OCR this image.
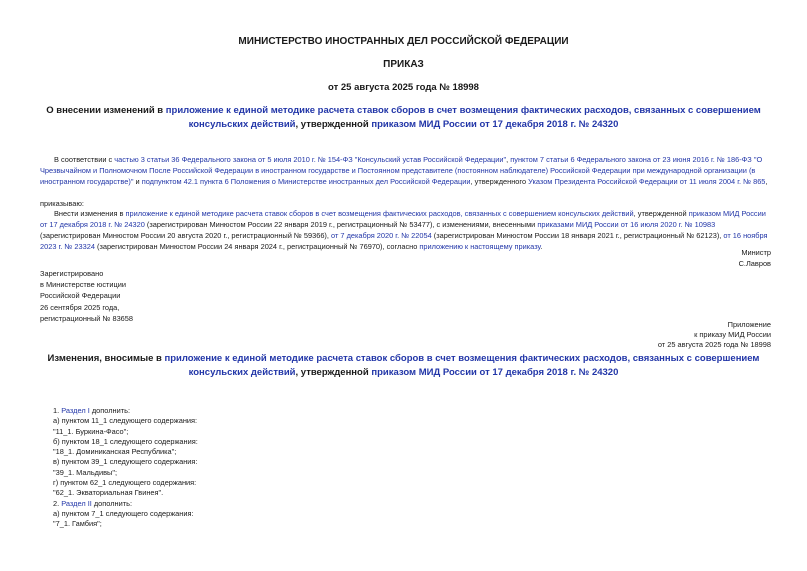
МИНИСТЕРСТВО ИНОСТРАННЫХ ДЕЛ РОССИЙСКОЙ ФЕДЕРАЦИИ
ПРИКАЗ
от 25 августа 2025 года № 18998
О внесении изменений в приложение к единой методике расчета ставок сборов в счет возмещения фактических расходов, связанных с совершением консульских действий, утвержденной приказом МИД России от 17 декабря 2018 г. № 24320
В соответствии с частью 3 статьи 36 Федерального закона от 5 июля 2010 г. № 154-ФЗ "Консульский устав Российской Федерации", пунктом 7 статьи 6 Федерального закона от 23 июня 2016 г. № 186-ФЗ "О Чрезвычайном и Полномочном После Российской Федерации в иностранном государстве и Постоянном представителе (постоянном наблюдателе) Российской Федерации при международной организации (в иностранном государстве)" и подпунктом 42.1 пункта 6 Положения о Министерстве иностранных дел Российской Федерации, утвержденного Указом Президента Российской Федерации от 11 июля 2004 г. № 865,
приказываю:
Внести изменения в приложение к единой методике расчета ставок сборов в счет возмещения фактических расходов, связанных с совершением консульских действий, утвержденной приказом МИД России от 17 декабря 2018 г. № 24320 (зарегистрирован Минюстом России 22 января 2019 г., регистрационный № 53477), с изменениями, внесенными приказами МИД России от 16 июля 2020 г. № 10983 (зарегистрирован Минюстом России 20 августа 2020 г., регистрационный № 59366), от 7 декабря 2020 г. № 22054 (зарегистрирован Минюстом России 18 января 2021 г., регистрационный № 62123), от 16 ноября 2023 г. № 23324 (зарегистрирован Минюстом России 24 января 2024 г., регистрационный № 76970), согласно приложению к настоящему приказу.
Министр
С.Лавров
Зарегистрировано
в Министерстве юстиции
Российской Федерации
26 сентября 2025 года,
регистрационный № 83658
Приложение
к приказу МИД России
от 25 августа 2025 года № 18998
Изменения, вносимые в приложение к единой методике расчета ставок сборов в счет возмещения фактических расходов, связанных с совершением консульских действий, утвержденной приказом МИД России от 17 декабря 2018 г. № 24320
1. Раздел I дополнить:
а) пунктом 11_1 следующего содержания:
"11_1. Буркина-Фасо";
б) пунктом 18_1 следующего содержания:
"18_1. Доминиканская Республика";
в) пунктом 39_1 следующего содержания:
"39_1. Мальдивы";
г) пунктом 62_1 следующего содержания:
"62_1. Экваториальная Гвинея".
2. Раздел II дополнить:
а) пунктом 7_1 следующего содержания:
"7_1. Гамбия";
